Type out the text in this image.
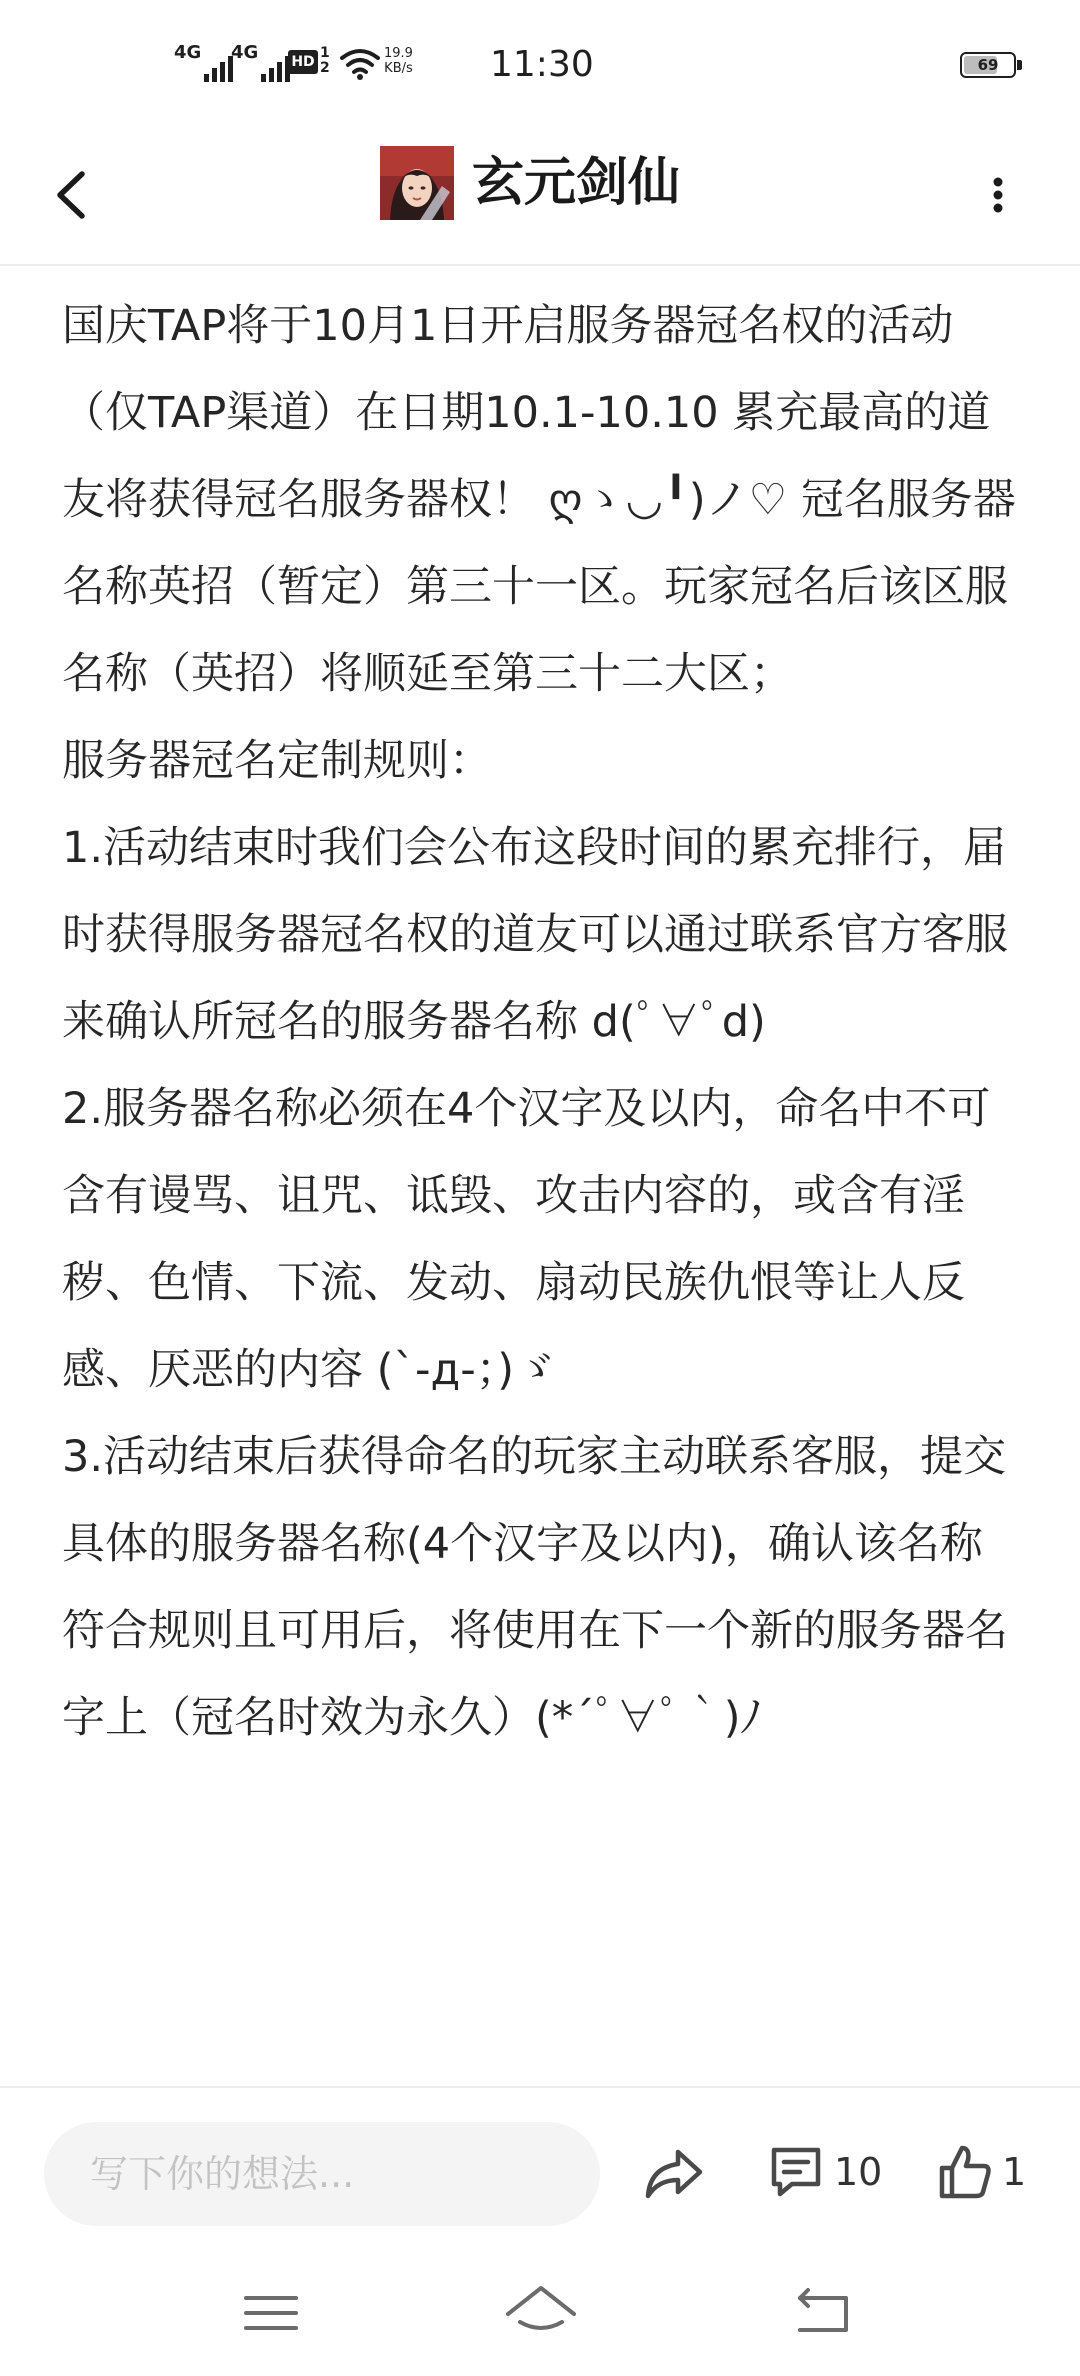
4G 4G HD
1
2
19.9
KB/s 11:30	69
玄元剑仙
国庆TAP将于10月1日开启服务器冠名权的活动（仅TAP渠道）在日期10.1-10.10 累充最高的道友将获得冠名服务器权！ ღゝ◡╹)ノ♡ 冠名服务器名称英招（暂定）第三十一区。玩家冠名后该区服名称（英招）将顺延至第三十二大区；
服务器冠名定制规则：
1.活动结束时我们会公布这段时间的累充排行，届时获得服务器冠名权的道友可以通过联系官方客服来确认所冠名的服务器名称 d(ﾟ∀ﾟd)
2.服务器名称必须在4个汉字及以内，命名中不可含有谩骂、诅咒、诋毁、攻击内容的，或含有淫秽、色情、下流、发动、扇动民族仇恨等让人反感、厌恶的内容 (`-д-；)ゞ
3.活动结束后获得命名的玩家主动联系客服，提交具体的服务器名称(4个汉字及以内)，确认该名称符合规则且可用后，将使用在下一个新的服务器名字上（冠名时效为永久）(*´ﾟ∀ﾟ｀)ﾉ
写下你的想法...
10	1
